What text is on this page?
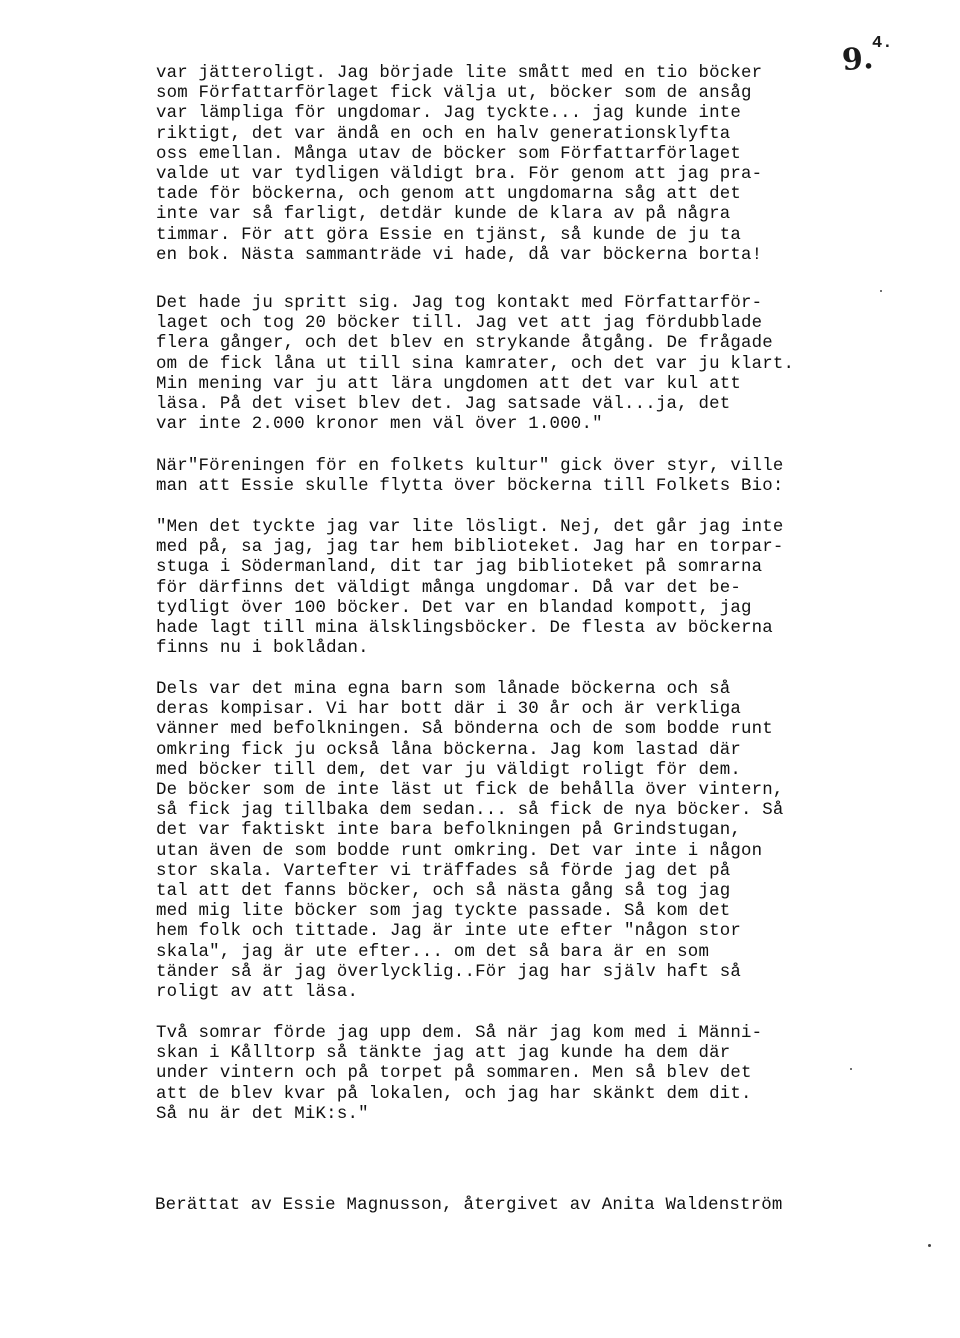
9.
4.
var jätteroligt. Jag började lite smått med en tio böcker
som Författarförlaget fick välja ut, böcker som de ansåg
var lämpliga för ungdomar. Jag tyckte... jag kunde inte
riktigt, det var ändå en och en halv generationsklyfta
oss emellan. Många utav de böcker som Författarförlaget
valde ut var tydligen väldigt bra. För genom att jag pra-
tade för böckerna, och genom att ungdomarna såg att det
inte var så farligt, detdär kunde de klara av på några
timmar. För att göra Essie en tjänst, så kunde de ju ta
en bok. Nästa sammanträde vi hade, då var böckerna borta!
Det hade ju spritt sig. Jag tog kontakt med Författarför-
laget och tog 20 böcker till. Jag vet att jag fördubblade
flera gånger, och det blev en strykande åtgång. De frågade
om de fick låna ut till sina kamrater, och det var ju klart.
Min mening var ju att lära ungdomen att det var kul att
läsa. På det viset blev det. Jag satsade väl...ja, det
var inte 2.000 kronor men väl över 1.000."
När"Föreningen för en folkets kultur" gick över styr, ville
man att Essie skulle flytta över böckerna till Folkets Bio:
"Men det tyckte jag var lite lösligt. Nej, det går jag inte
med på, sa jag, jag tar hem biblioteket. Jag har en torpar-
stuga i Södermanland, dit tar jag biblioteket på somrarna
för därfinns det väldigt många ungdomar. Då var det be-
tydligt över 100 böcker. Det var en blandad kompott, jag
hade lagt till mina älsklingsböcker. De flesta av böckerna
finns nu i boklådan.
Dels var det mina egna barn som lånade böckerna och så
deras kompisar. Vi har bott där i 30 år och är verkliga
vänner med befolkningen. Så bönderna och de som bodde runt
omkring fick ju också låna böckerna. Jag kom lastad där
med böcker till dem, det var ju väldigt roligt för dem.
De böcker som de inte läst ut fick de behålla över vintern,
så fick jag tillbaka dem sedan... så fick de nya böcker. Så
det var faktiskt inte bara befolkningen på Grindstugan,
utan även de som bodde runt omkring. Det var inte i någon
stor skala. Vartefter vi träffades så förde jag det på
tal att det fanns böcker, och så nästa gång så tog jag
med mig lite böcker som jag tyckte passade. Så kom det
hem folk och tittade. Jag är inte ute efter "någon stor
skala", jag är ute efter... om det så bara är en som
tänder så är jag överlycklig..För jag har själv haft så
roligt av att läsa.
Två somrar förde jag upp dem. Så när jag kom med i Männi-
skan i Kålltorp så tänkte jag att jag kunde ha dem där
under vintern och på torpet på sommaren. Men så blev det
att de blev kvar på lokalen, och jag har skänkt dem dit.
Så nu är det MiK:s."
Berättat av Essie Magnusson, återgivet av Anita Waldenström
